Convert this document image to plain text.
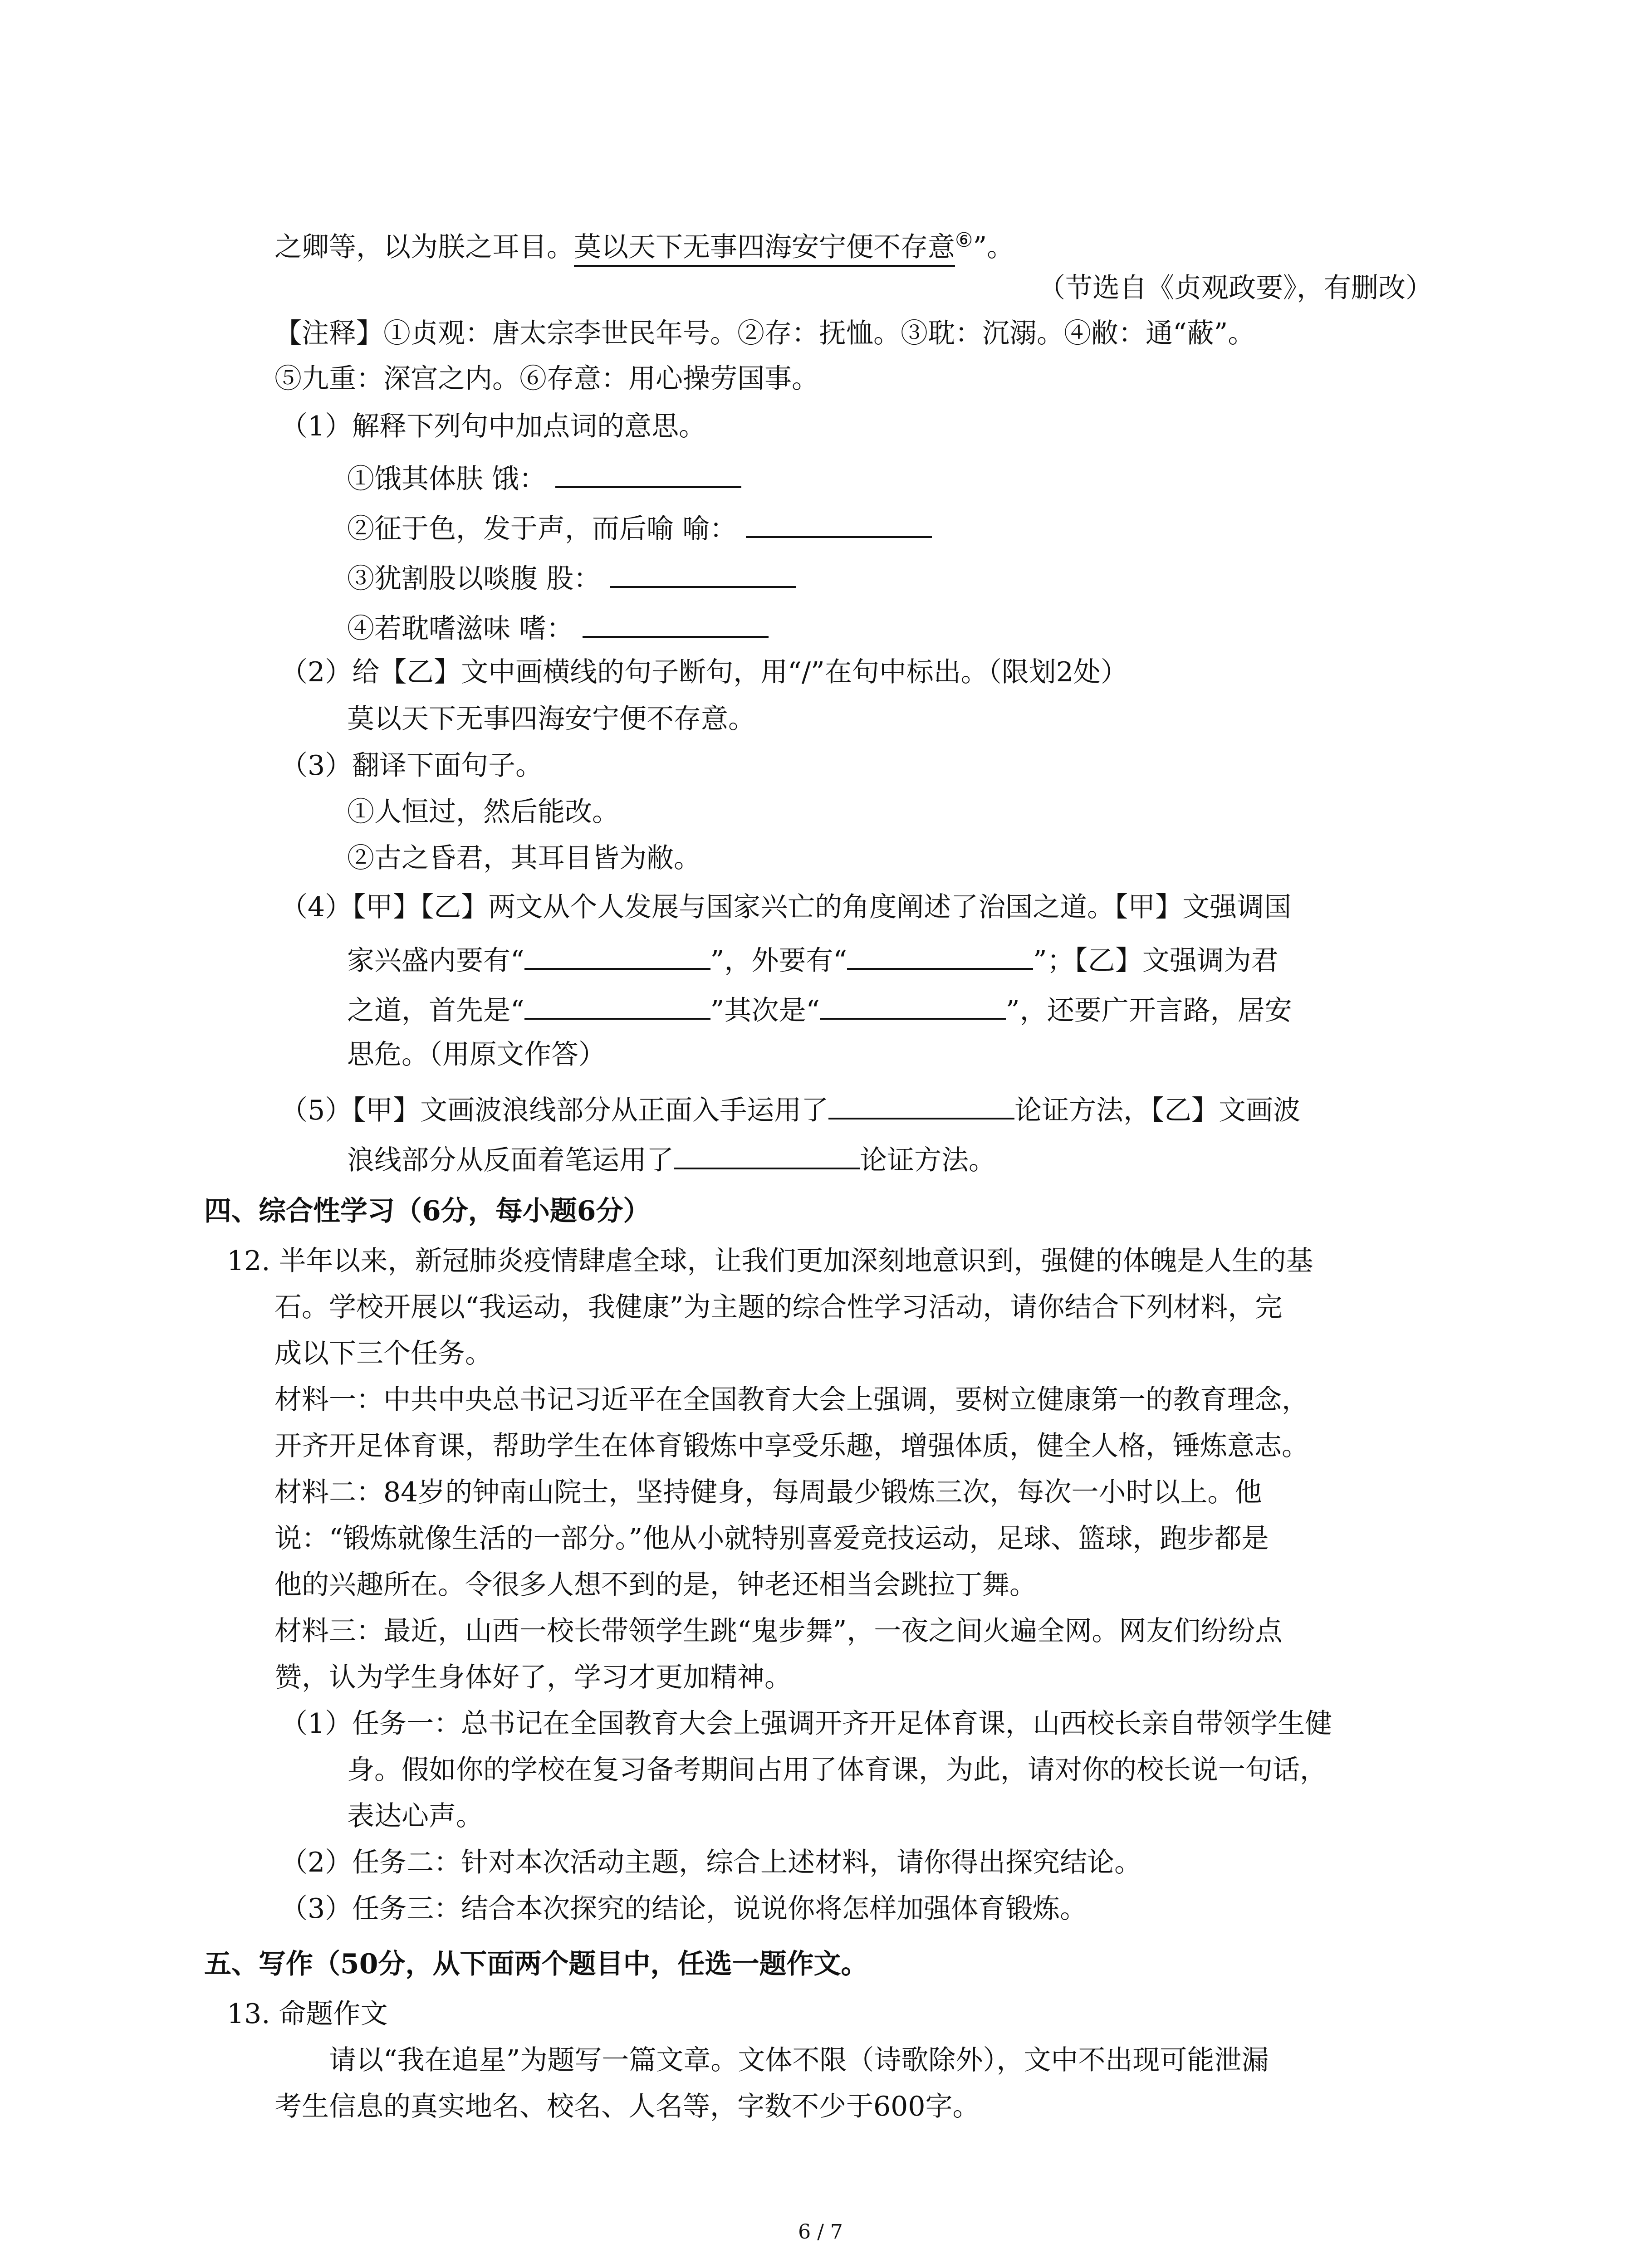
之卿等，以为朕之耳目。莫以天下无事四海安宁便不存意⑥”。
（节选自《贞观政要》，有删改）
【注释】①贞观：唐太宗李世民年号。②存：抚恤。③耽：沉溺。④敝：通“蔽”。
⑤九重：深宫之内。⑥存意：用心操劳国事。
（1）解释下列句中加点词的意思。
①饿其体肤 饿：
②征于色，发于声，而后喻 喻：
③犹割股以啖腹 股：
④若耽嗜滋味 嗜：
（2）给【乙】文中画横线的句子断句，用“/”在句中标出。（限划2处）
莫以天下无事四海安宁便不存意。
（3）翻译下面句子。
①人恒过，然后能改。
②古之昏君，其耳目皆为敝。
（4）【甲】【乙】两文从个人发展与国家兴亡的角度阐述了治国之道。【甲】文强调国
家兴盛内要有“	”，外要有“	”；【乙】文强调为君
之道，首先是“	”其次是“	”，还要广开言路，居安
思危。（用原文作答）
（5）【甲】文画波浪线部分从正面入手运用了	论证方法，【乙】文画波
浪线部分从反面着笔运用了	论证方法。
四、综合性学习（6分，每小题6分）
12. 半年以来，新冠肺炎疫情肆虐全球，让我们更加深刻地意识到，强健的体魄是人生的基
石。学校开展以“我运动，我健康”为主题的综合性学习活动，请你结合下列材料，完
成以下三个任务。
材料一：中共中央总书记习近平在全国教育大会上强调，要树立健康第一的教育理念，
开齐开足体育课，帮助学生在体育锻炼中享受乐趣，增强体质，健全人格，锤炼意志。
材料二：84岁的钟南山院士，坚持健身，每周最少锻炼三次，每次一小时以上。他
说：“锻炼就像生活的一部分。”他从小就特别喜爱竞技运动，足球、篮球，跑步都是
他的兴趣所在。令很多人想不到的是，钟老还相当会跳拉丁舞。
材料三：最近，山西一校长带领学生跳“鬼步舞”，一夜之间火遍全网。网友们纷纷点
赞，认为学生身体好了，学习才更加精神。
（1）任务一：总书记在全国教育大会上强调开齐开足体育课，山西校长亲自带领学生健
身。假如你的学校在复习备考期间占用了体育课，为此，请对你的校长说一句话，
表达心声。
（2）任务二：针对本次活动主题，综合上述材料，请你得出探究结论。
（3）任务三：结合本次探究的结论，说说你将怎样加强体育锻炼。
五、写作（50分，从下面两个题目中，任选一题作文。
13. 命题作文
请以“我在追星”为题写一篇文章。文体不限（诗歌除外），文中不出现可能泄漏
考生信息的真实地名、校名、人名等，字数不少于600字。
6 / 7
